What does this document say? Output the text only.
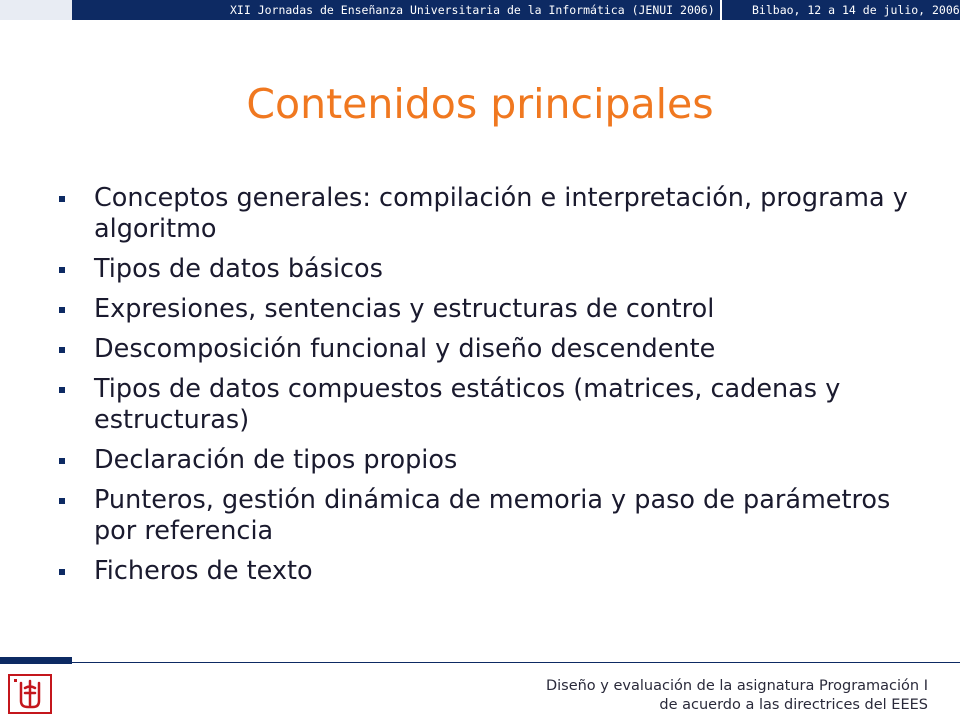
XII Jornadas de Enseñanza Universitaria de la Informática (JENUI 2006)	Bilbao, 12 a 14 de julio, 2006
Contenidos principales
Conceptos generales: compilación e interpretación, programa y algoritmo
Tipos de datos básicos
Expresiones, sentencias y estructuras de control
Descomposición funcional y diseño descendente
Tipos de datos compuestos estáticos (matrices, cadenas y estructuras)
Declaración de tipos propios
Punteros, gestión dinámica de memoria y paso de parámetros por referencia
Ficheros de texto
Diseño y evaluación de la asignatura Programación I
de acuerdo a las directrices del EEES
